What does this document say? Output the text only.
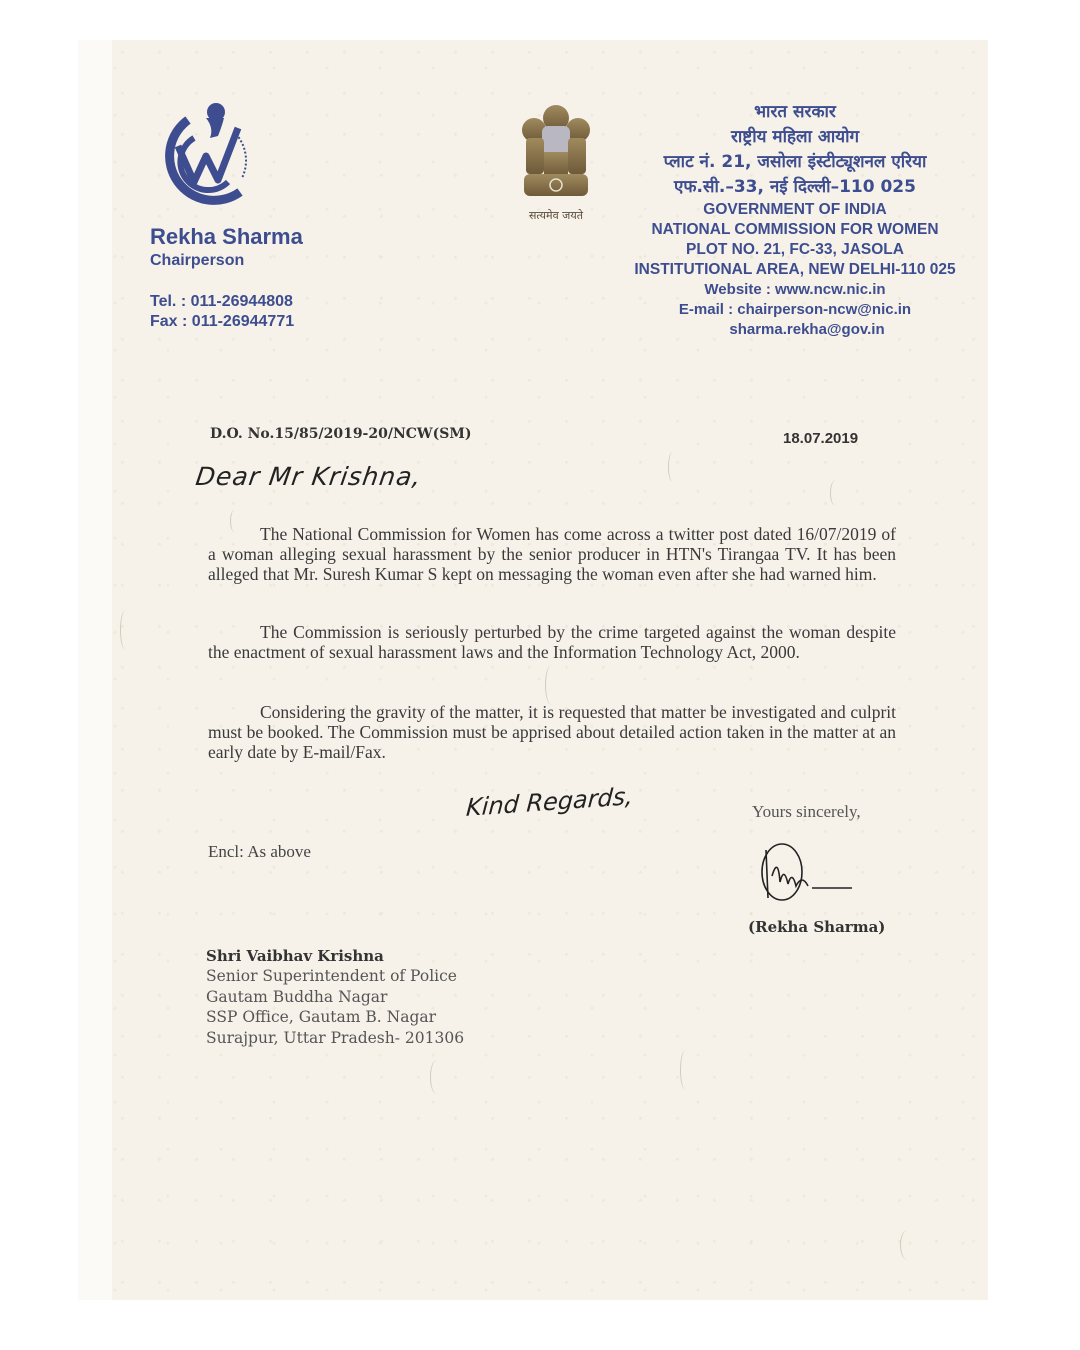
Rekha Sharma
Chairperson
Tel. : 011-26944808
Fax : 011-26944771
सत्यमेव जयते
भारत सरकार
राष्ट्रीय महिला आयोग
प्लाट नं. 21, जसोला इंस्टीट्यूशनल एरिया
एफ.सी.–33, नई दिल्ली–110 025
GOVERNMENT OF INDIA
NATIONAL COMMISSION FOR WOMEN
PLOT NO. 21, FC-33, JASOLA
INSTITUTIONAL AREA, NEW DELHI-110 025
Website : www.ncw.nic.in
E-mail : chairperson-ncw@nic.in
sharma.rekha@gov.in
D.O. No.15/85/2019-20/NCW(SM)	18.07.2019
Dear Mr Krishna,
The National Commission for Women has come across a twitter post dated 16/07/2019 of a woman alleging sexual harassment by the senior producer in HTN's Tirangaa TV. It has been alleged that Mr. Suresh Kumar S kept on messaging the woman even after she had warned him.
The Commission is seriously perturbed by the crime targeted against the woman despite the enactment of sexual harassment laws and the Information Technology Act, 2000.
Considering the gravity of the matter, it is requested that matter be investigated and culprit must be booked. The Commission must be apprised about detailed action taken in the matter at an early date by E-mail/Fax.
Kind Regards,	Yours sincerely,
Encl: As above
(Rekha Sharma)
Shri Vaibhav Krishna
Senior Superintendent of Police
Gautam Buddha Nagar
SSP Office, Gautam B. Nagar
Surajpur, Uttar Pradesh- 201306
